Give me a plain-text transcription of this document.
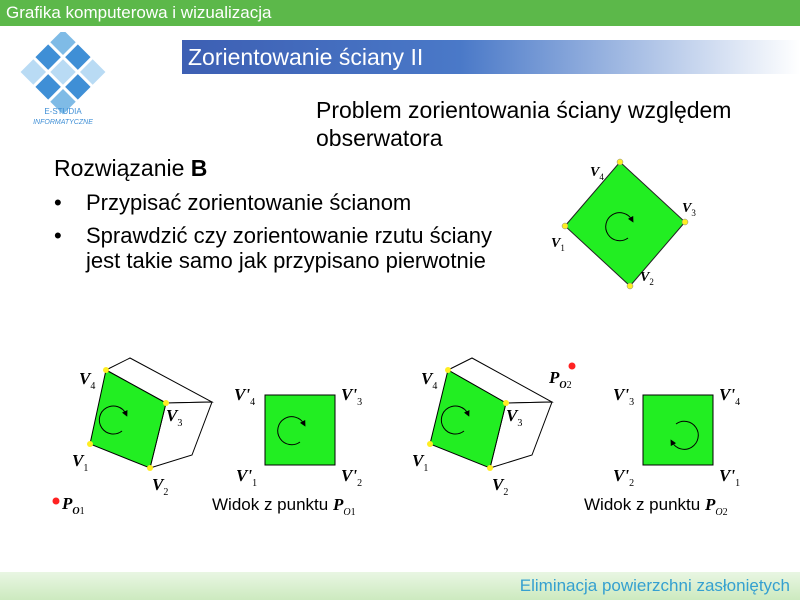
Grafika komputerowa i wizualizacja
E-STUDIA
INFORMATYCZNE
Zorientowanie ściany II
Problem zorientowania ściany względem obserwatora
Rozwiązanie B
• Przypisać zorientowanie ścianom
• Sprawdzić czy zorientowanie rzutu ściany jest takie samo jak przypisano pierwotnie
$V_4$
$V_3$
$V_1$
$V_2$
$V_4$
$V_3$
$V_1$
$V_2$
$P_O1$
$V'_4$	$V'_3$
$V'_1$	$V'_2$
$V_4$
$V_3$
$V_1$
$V_2$
$P_O2$ $V'_3$	$V'_4$
$V'_2$	$V'_1$
Widok z punktu $P_O1$	Widok z punktu $P_O2$
Eliminacja powierzchni zasłoniętych
